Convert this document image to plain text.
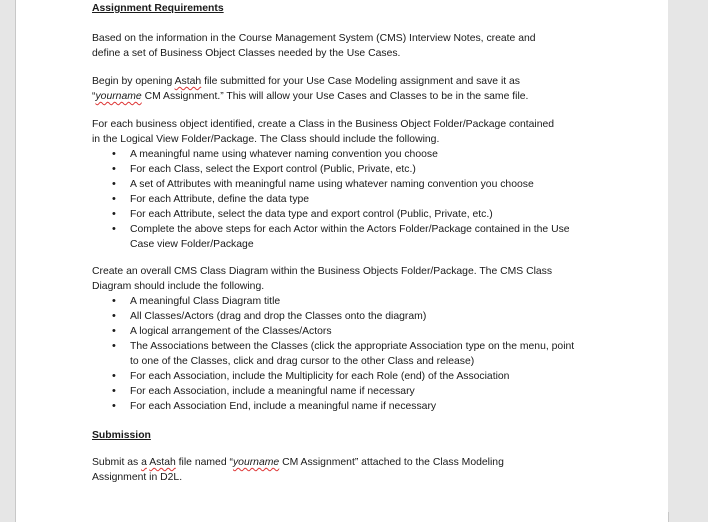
Assignment Requirements
Based on the information in the Course Management System (CMS) Interview Notes, create and
define a set of Business Object Classes needed by the Use Cases.
Begin by opening Astah file submitted for your Use Case Modeling assignment and save it as
“yourname CM Assignment.” This will allow your Use Cases and Classes to be in the same file.
For each business object identified, create a Class in the Business Object Folder/Package contained
in the Logical View Folder/Package. The Class should include the following.
• A meaningful name using whatever naming convention you choose
• For each Class, select the Export control (Public, Private, etc.)
• A set of Attributes with meaningful name using whatever naming convention you choose
• For each Attribute, define the data type
• For each Attribute, select the data type and export control (Public, Private, etc.)
• Complete the above steps for each Actor within the Actors Folder/Package contained in the Use Case view Folder/Package
Create an overall CMS Class Diagram within the Business Objects Folder/Package. The CMS Class
Diagram should include the following.
• A meaningful Class Diagram title
• All Classes/Actors (drag and drop the Classes onto the diagram)
• A logical arrangement of the Classes/Actors
• The Associations between the Classes (click the appropriate Association type on the menu, point to one of the Classes, click and drag cursor to the other Class and release)
• For each Association, include the Multiplicity for each Role (end) of the Association
• For each Association, include a meaningful name if necessary
• For each Association End, include a meaningful name if necessary
Submission
Submit as a Astah file named “yourname CM Assignment” attached to the Class Modeling
Assignment in D2L.
